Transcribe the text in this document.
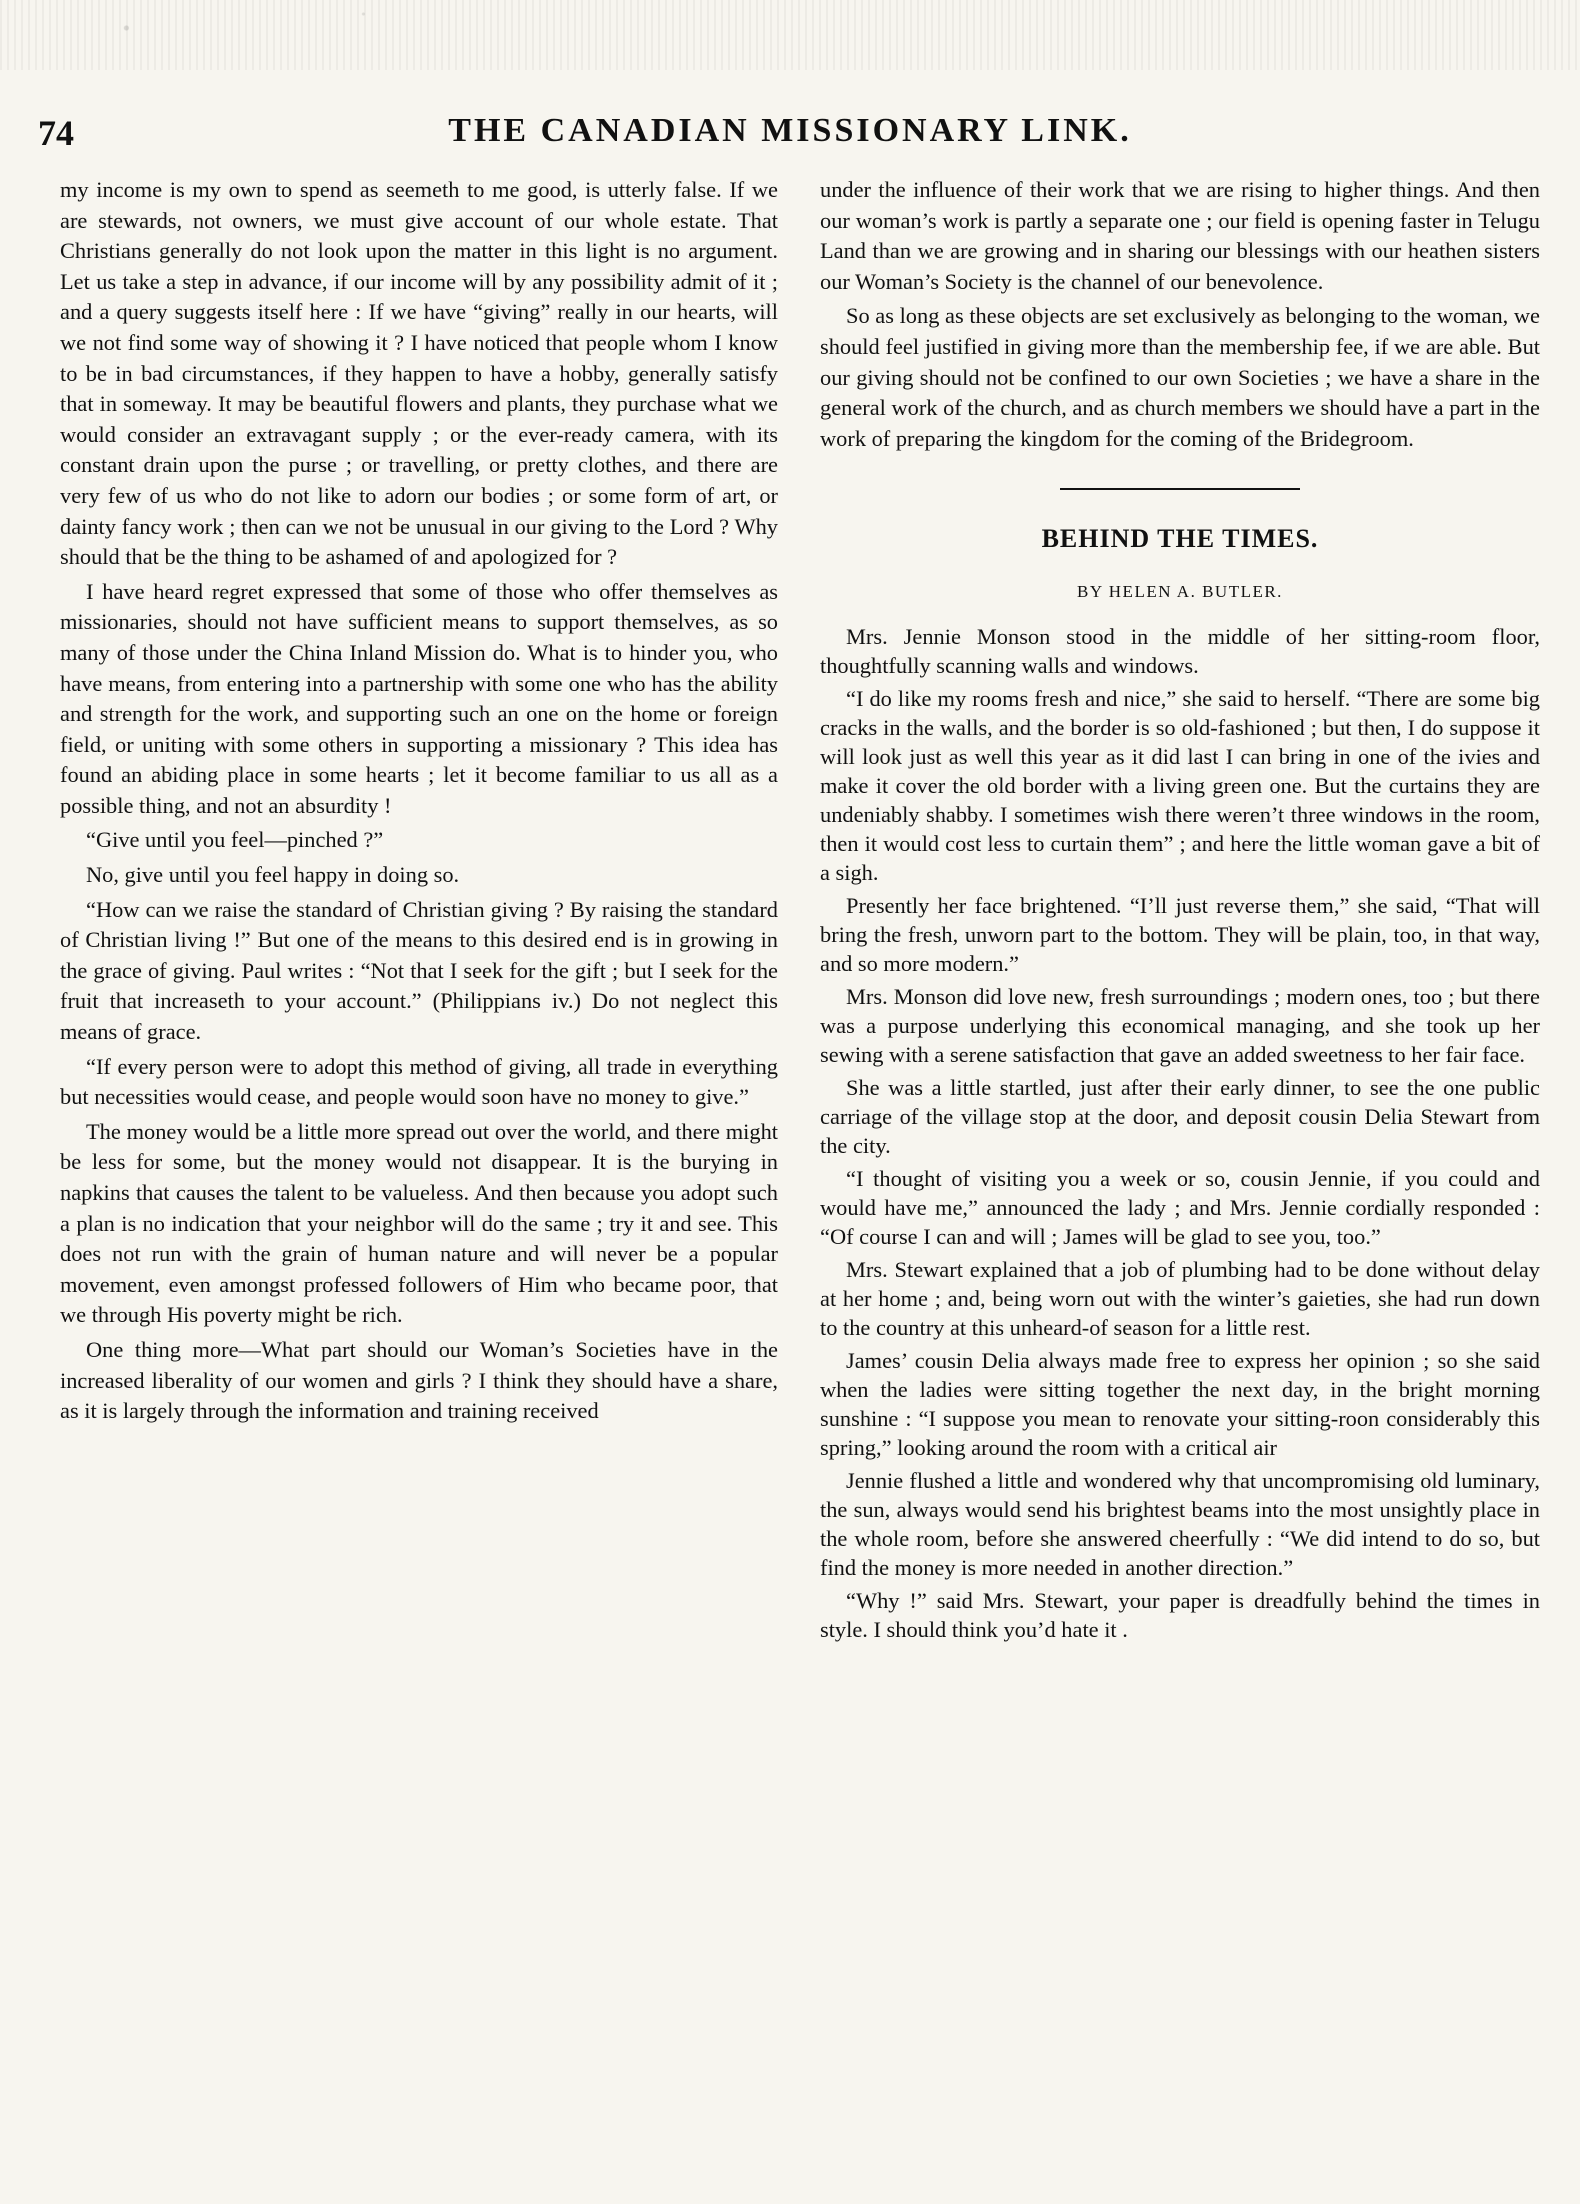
74	THE CANADIAN MISSIONARY LINK.

my income is my own to spend as seemeth to me good, is utterly false. If we are stewards, not owners, we must give account of our whole estate. That Christians generally do not look upon the matter in this light is no argument. Let us take a step in advance, if our income will by any possibility admit of it ; and a query suggests itself here : If we have “giving” really in our hearts, will we not find some way of showing it ? I have noticed that people whom I know to be in bad circumstances, if they happen to have a hobby, generally satisfy that in someway. It may be beautiful flowers and plants, they purchase what we would consider an extravagant supply ; or the ever-ready camera, with its constant drain upon the purse ; or travelling, or pretty clothes, and there are very few of us who do not like to adorn our bodies ; or some form of art, or dainty fancy work ; then can we not be unusual in our giving to the Lord ? Why should that be the thing to be ashamed of and apologized for ?

I have heard regret expressed that some of those who offer themselves as missionaries, should not have sufficient means to support themselves, as so many of those under the China Inland Mission do. What is to hinder you, who have means, from entering into a partnership with some one who has the ability and strength for the work, and supporting such an one on the home or foreign field, or uniting with some others in supporting a missionary ? This idea has found an abiding place in some hearts ; let it become familiar to us all as a possible thing, and not an absurdity !

“Give until you feel—pinched ?”

No, give until you feel happy in doing so.

“How can we raise the standard of Christian giving ? By raising the standard of Christian living !” But one of the means to this desired end is in growing in the grace of giving. Paul writes : “Not that I seek for the gift ; but I seek for the fruit that increaseth to your account.” (Philippians iv.) Do not neglect this means of grace.

“If every person were to adopt this method of giving, all trade in everything but necessities would cease, and people would soon have no money to give.”

The money would be a little more spread out over the world, and there might be less for some, but the money would not disappear. It is the burying in napkins that causes the talent to be valueless. And then because you adopt such a plan is no indication that your neighbor will do the same ; try it and see. This does not run with the grain of human nature and will never be a popular movement, even amongst professed followers of Him who became poor, that we through His poverty might be rich.

One thing more—What part should our Woman’s Societies have in the increased liberality of our women and girls ? I think they should have a share, as it is largely through the information and training received

under the influence of their work that we are rising to higher things. And then our woman’s work is partly a separate one ; our field is opening faster in Telugu Land than we are growing and in sharing our blessings with our heathen sisters our Woman’s Society is the channel of our benevolence.

So as long as these objects are set exclusively as belonging to the woman, we should feel justified in giving more than the membership fee, if we are able. But our giving should not be confined to our own Societies ; we have a share in the general work of the church, and as church members we should have a part in the work of preparing the kingdom for the coming of the Bridegroom.

BEHIND THE TIMES.
BY HELEN A. BUTLER.

Mrs. Jennie Monson stood in the middle of her sitting-room floor, thoughtfully scanning walls and windows.

“I do like my rooms fresh and nice,” she said to herself. “There are some big cracks in the walls, and the border is so old-fashioned ; but then, I do suppose it will look just as well this year as it did last I can bring in one of the ivies and make it cover the old border with a living green one. But the curtains they are undeniably shabby. I sometimes wish there weren’t three windows in the room, then it would cost less to curtain them” ; and here the little woman gave a bit of a sigh.

Presently her face brightened. “I’ll just reverse them,” she said, “That will bring the fresh, unworn part to the bottom. They will be plain, too, in that way, and so more modern.”

Mrs. Monson did love new, fresh surroundings ; modern ones, too ; but there was a purpose underlying this economical managing, and she took up her sewing with a serene satisfaction that gave an added sweetness to her fair face.

She was a little startled, just after their early dinner, to see the one public carriage of the village stop at the door, and deposit cousin Delia Stewart from the city.

“I thought of visiting you a week or so, cousin Jennie, if you could and would have me,” announced the lady ; and Mrs. Jennie cordially responded : “Of course I can and will ; James will be glad to see you, too.”

Mrs. Stewart explained that a job of plumbing had to be done without delay at her home ; and, being worn out with the winter’s gaieties, she had run down to the country at this unheard-of season for a little rest.

James’ cousin Delia always made free to express her opinion ; so she said when the ladies were sitting together the next day, in the bright morning sunshine : “I suppose you mean to renovate your sitting-roon considerably this spring,” looking around the room with a critical air

Jennie flushed a little and wondered why that uncompromising old luminary, the sun, always would send his brightest beams into the most unsightly place in the whole room, before she answered cheerfully : “We did intend to do so, but find the money is more needed in another direction.”

“Why !” said Mrs. Stewart, your paper is dreadfully behind the times in style. I should think you’d hate it .
